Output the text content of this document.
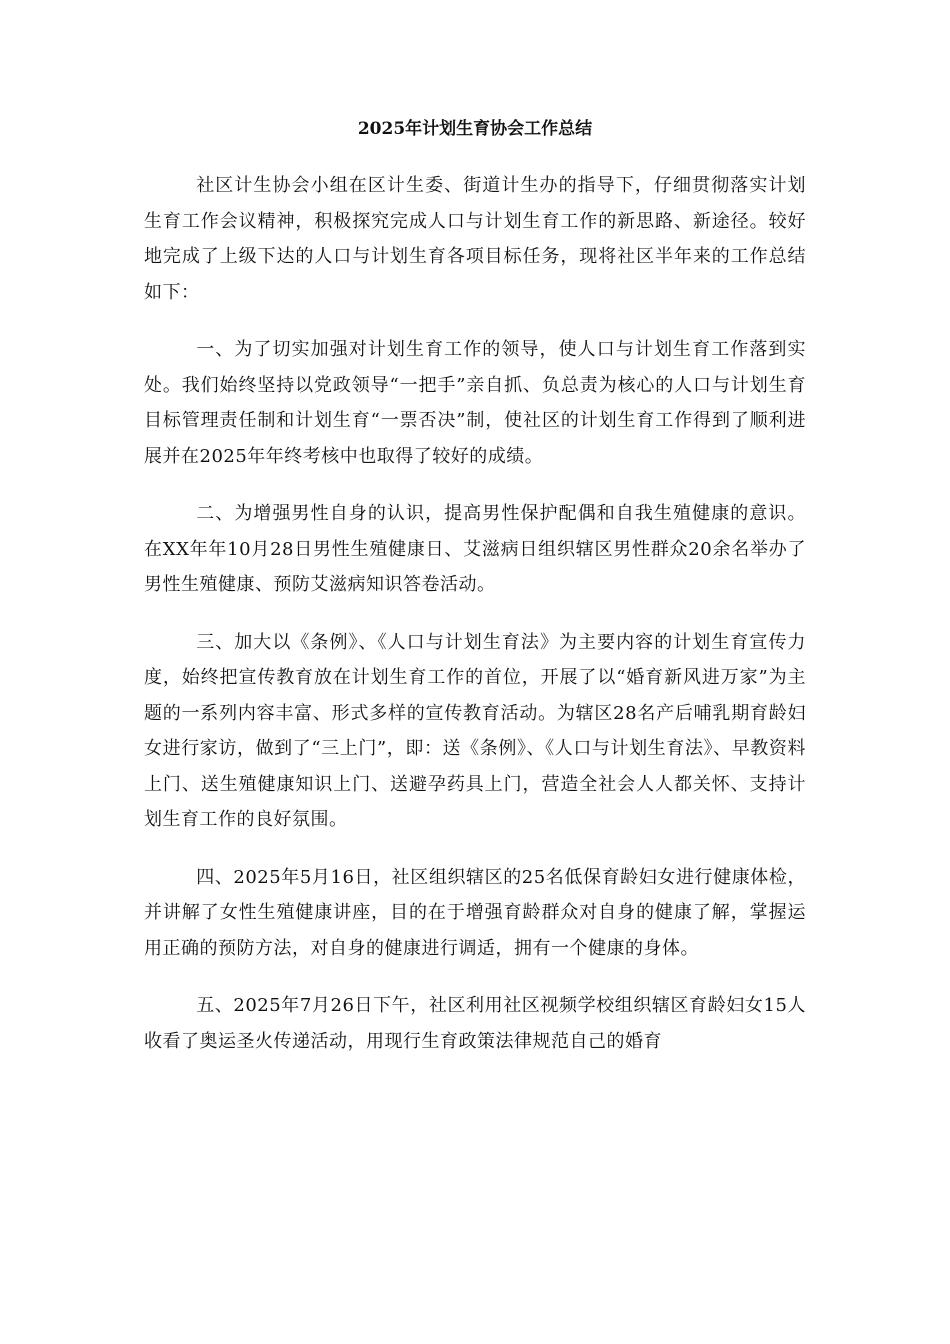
2025年计划生育协会工作总结

社区计生协会小组在区计生委、街道计生办的指导下，仔细贯彻落实计划生育工作会议精神，积极探究完成人口与计划生育工作的新思路、新途径。较好地完成了上级下达的人口与计划生育各项目标任务，现将社区半年来的工作总结如下：

一、为了切实加强对计划生育工作的领导，使人口与计划生育工作落到实处。我们始终坚持以党政领导“一把手”亲自抓、负总责为核心的人口与计划生育目标管理责任制和计划生育“一票否决”制，使社区的计划生育工作得到了顺利进展并在2025年年终考核中也取得了较好的成绩。

二、为增强男性自身的认识，提高男性保护配偶和自我生殖健康的意识。在XX年年10月28日男性生殖健康日、艾滋病日组织辖区男性群众20余名举办了男性生殖健康、预防艾滋病知识答卷活动。

三、加大以《条例》、《人口与计划生育法》为主要内容的计划生育宣传力度，始终把宣传教育放在计划生育工作的首位，开展了以“婚育新风进万家”为主题的一系列内容丰富、形式多样的宣传教育活动。为辖区28名产后哺乳期育龄妇女进行家访，做到了“三上门”，即：送《条例》、《人口与计划生育法》、早教资料上门、送生殖健康知识上门、送避孕药具上门，营造全社会人人都关怀、支持计划生育工作的良好氛围。

四、2025年5月16日，社区组织辖区的25名低保育龄妇女进行健康体检，并讲解了女性生殖健康讲座，目的在于增强育龄群众对自身的健康了解，掌握运用正确的预防方法，对自身的健康进行调适，拥有一个健康的身体。

五、2025年7月26日下午，社区利用社区视频学校组织辖区育龄妇女15人收看了奥运圣火传递活动，用现行生育政策法律规范自己的婚育
